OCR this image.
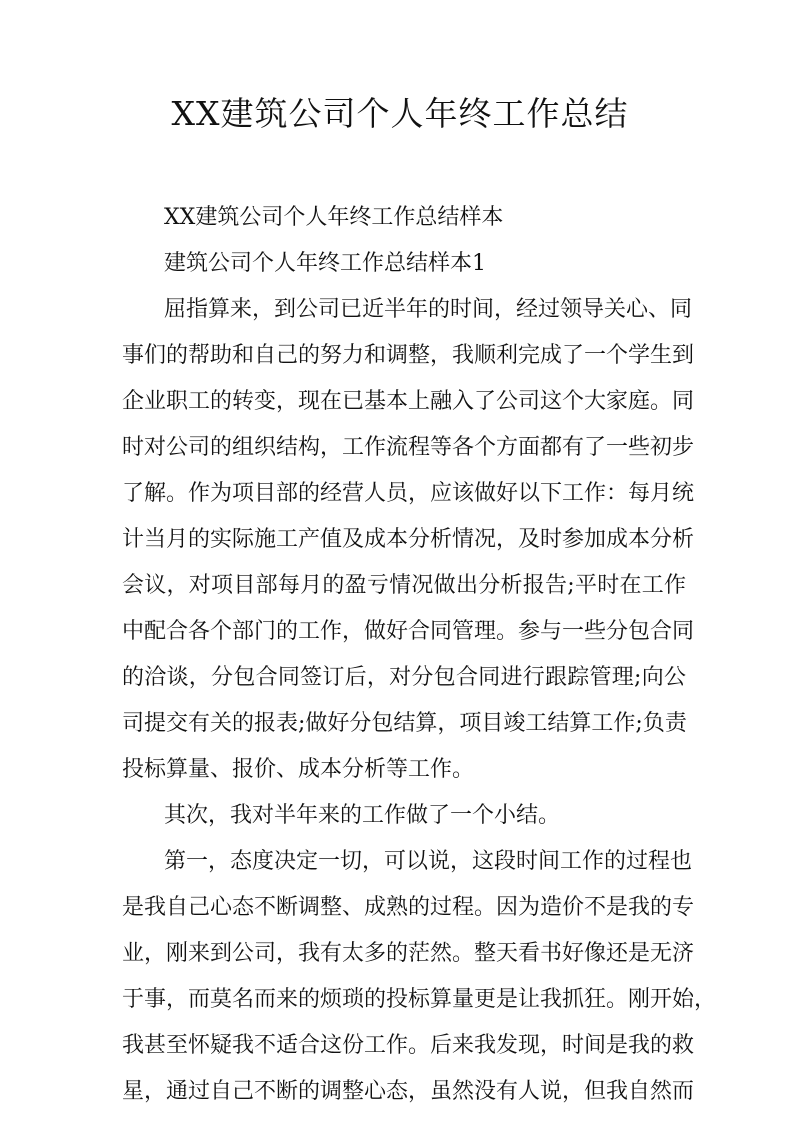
XX建筑公司个人年终工作总结

XX建筑公司个人年终工作总结样本

建筑公司个人年终工作总结样本1

屈指算来，到公司已近半年的时间，经过领导关心、同
事们的帮助和自己的努力和调整，我顺利完成了一个学生到
企业职工的转变，现在已基本上融入了公司这个大家庭。同
时对公司的组织结构，工作流程等各个方面都有了一些初步
了解。作为项目部的经营人员，应该做好以下工作：每月统
计当月的实际施工产值及成本分析情况，及时参加成本分析
会议，对项目部每月的盈亏情况做出分析报告;平时在工作
中配合各个部门的工作，做好合同管理。参与一些分包合同
的洽谈，分包合同签订后，对分包合同进行跟踪管理;向公
司提交有关的报表;做好分包结算，项目竣工结算工作;负责
投标算量、报价、成本分析等工作。
其次，我对半年来的工作做了一个小结。
第一，态度决定一切，可以说，这段时间工作的过程也
是我自己心态不断调整、成熟的过程。因为造价不是我的专
业，刚来到公司，我有太多的茫然。整天看书好像还是无济
于事，而莫名而来的烦琐的投标算量更是让我抓狂。刚开始，
我甚至怀疑我不适合这份工作。后来我发现，时间是我的救
星，通过自己不断的调整心态，虽然没有人说，但我自然而
